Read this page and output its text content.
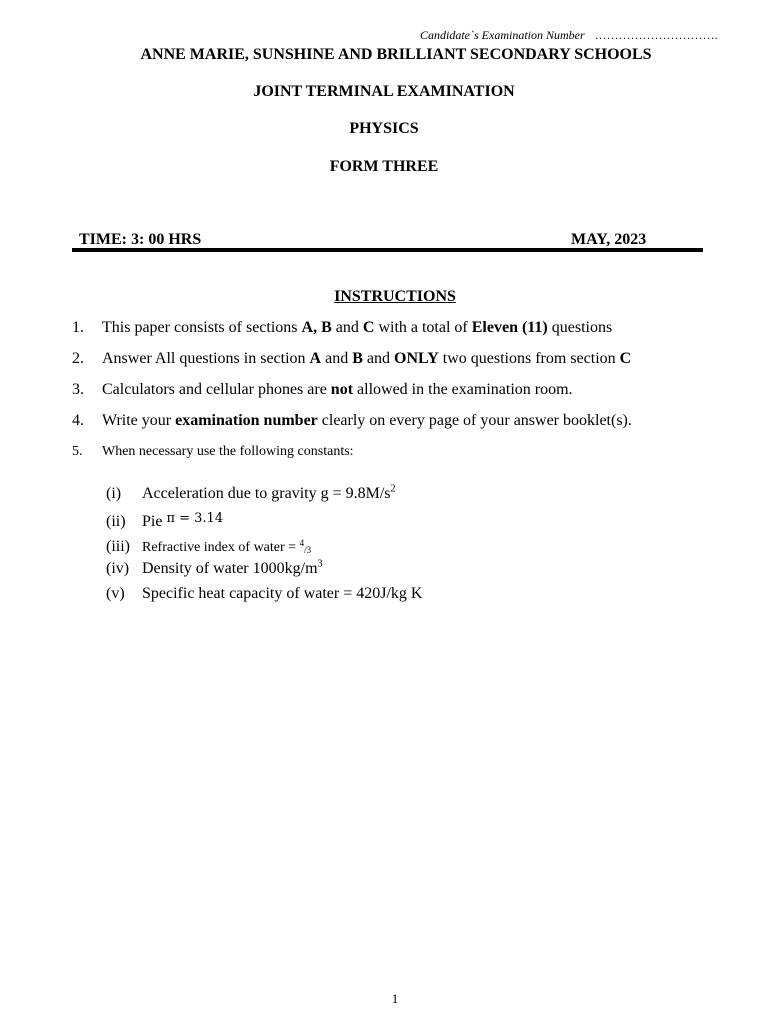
Candidate`s Examination Number ………………………….
ANNE MARIE, SUNSHINE AND BRILLIANT SECONDARY SCHOOLS
JOINT TERMINAL EXAMINATION
PHYSICS
FORM THREE
TIME: 3: 00 HRS	MAY, 2023
INSTRUCTIONS
1. This paper consists of sections A, B and C with a total of Eleven (11) questions
2. Answer All questions in section A and B and ONLY two questions from section C
3. Calculators and cellular phones are not allowed in the examination room.
4. Write your examination number clearly on every page of your answer booklet(s).
5. When necessary use the following constants:
(i) Acceleration due to gravity $g = 9.8M/s^2$
(ii) Pie $^{\pi = 3.14}$
(iii) Refractive index of water = $^4$/3
(iv) Density of water $1000kg/m^3$
(v) Specific heat capacity of water = 420J/kg K
1
